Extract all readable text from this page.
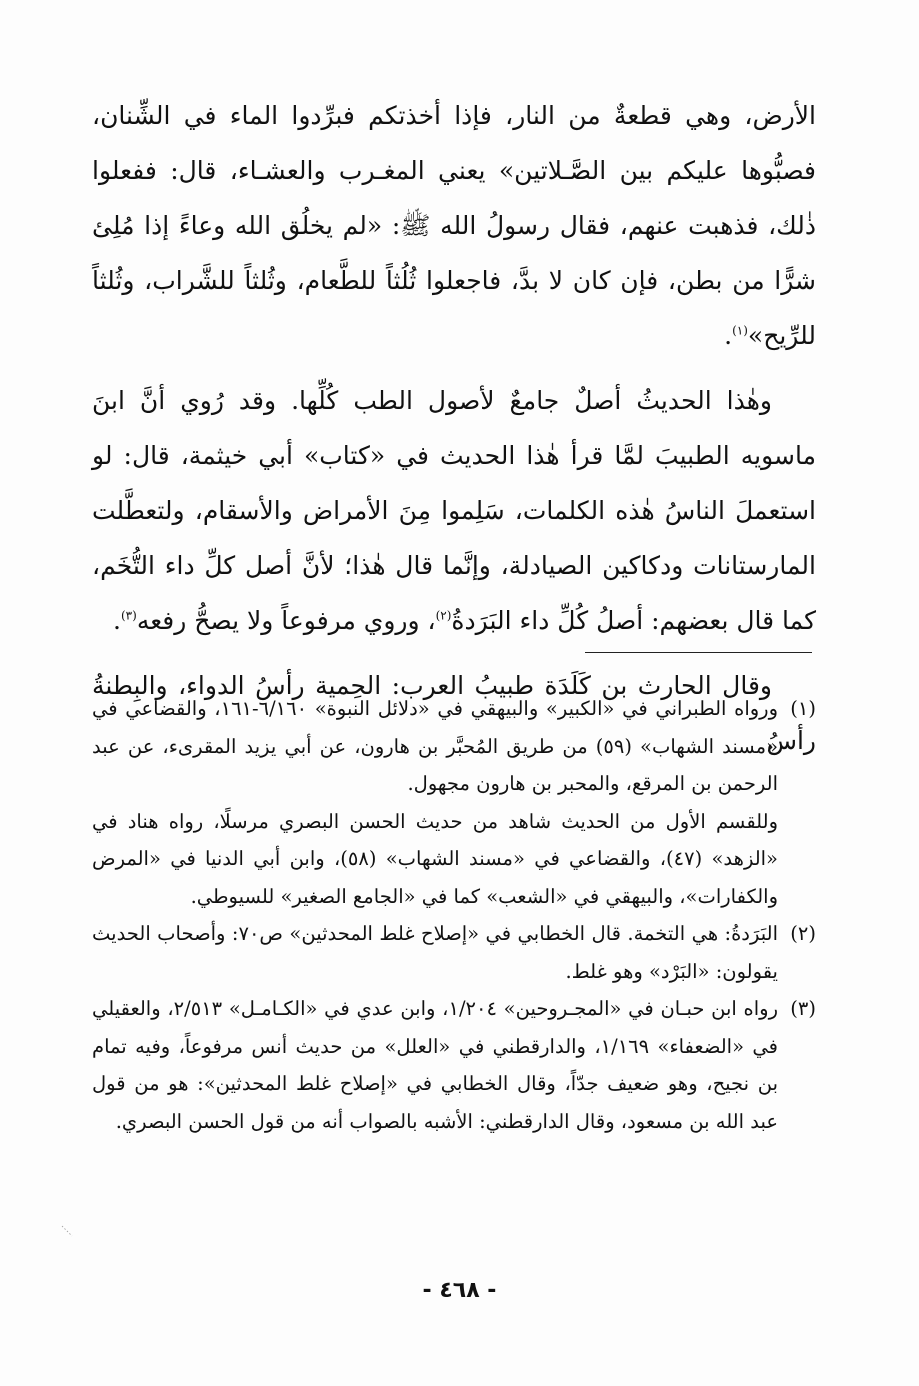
الأرض، وهي قطعةٌ من النار، فإذا أخذتكم فبرِّدوا الماء في الشِّنان، فصبُّوها عليكم بين الصَّـلاتين» يعني المغـرب والعشـاء، قال: ففعلوا ذٰلك، فذهبت عنهم، فقال رسولُ الله ﷺ: «لم يخلُق الله وعاءً إذا مُلِئ شرًّا من بطن، فإن كان لا بدَّ، فاجعلوا ثُلُثاً للطَّعام، وثُلثاً للشَّراب، وثُلثاً للرِّيح»$^{(١)}$.

وهٰذا الحديثُ أصلٌ جامعٌ لأصول الطب كُلِّها. وقد رُوي أنَّ ابنَ ماسويه الطبيبَ لمَّا قرأ هٰذا الحديث في «كتاب» أبي خيثمة، قال: لو استعملَ الناسُ هٰذه الكلمات، سَلِموا مِنَ الأمراض والأسقام، ولتعطَّلت المارستانات ودكاكين الصيادلة، وإنَّما قال هٰذا؛ لأنَّ أصل كلِّ داء التُّخَم، كما قال بعضهم: أصلُ كُلِّ داء البَرَدةُ$^{(٢)}$، وروي مرفوعاً ولا يصحُّ رفعه$^{(٣)}$.

وقال الحارث بن كَلَدَة طبيبُ العرب: الحِمية رأسُ الدواء، والبِطنةُ رأسُ

(١)
ورواه الطبراني في «الكبير» والبيهقي في «دلائل النبوة» ٦/١٦٠-١٦١، والقضاعي في «مسند الشهاب» (٥٩) من طريق المُحبَّر بن هارون، عن أبي يزيد المقرىء، عن عبد الرحمن بن المرقع، والمحبر بن هارون مجهول.
وللقسم الأول من الحديث شاهد من حديث الحسن البصري مرسلًا، رواه هناد في «الزهد» (٤٧)، والقضاعي في «مسند الشهاب» (٥٨)، وابن أبي الدنيا في «المرض والكفارات»، والبيهقي في «الشعب» كما في «الجامع الصغير» للسيوطي.
(٢)
البَرَدةُ: هي التخمة. قال الخطابي في «إصلاح غلط المحدثين» ص٧٠: وأصحاب الحديث يقولون: «البَرْد» وهو غلط.
(٣)
رواه ابن حبـان في «المجـروحين» ١/٢٠٤، وابن عدي في «الكـامـل» ٢/٥١٣، والعقيلي في «الضعفاء» ١/١٦٩، والدارقطني في «العلل» من حديث أنس مرفوعاً، وفيه تمام بن نجيح، وهو ضعيف جدّاً، وقال الخطابي في «إصلاح غلط المحدثين»: هو من قول عبد الله بن مسعود، وقال الدارقطني: الأشبه بالصواب أنه من قول الحسن البصري.
- ٤٦٨ -
